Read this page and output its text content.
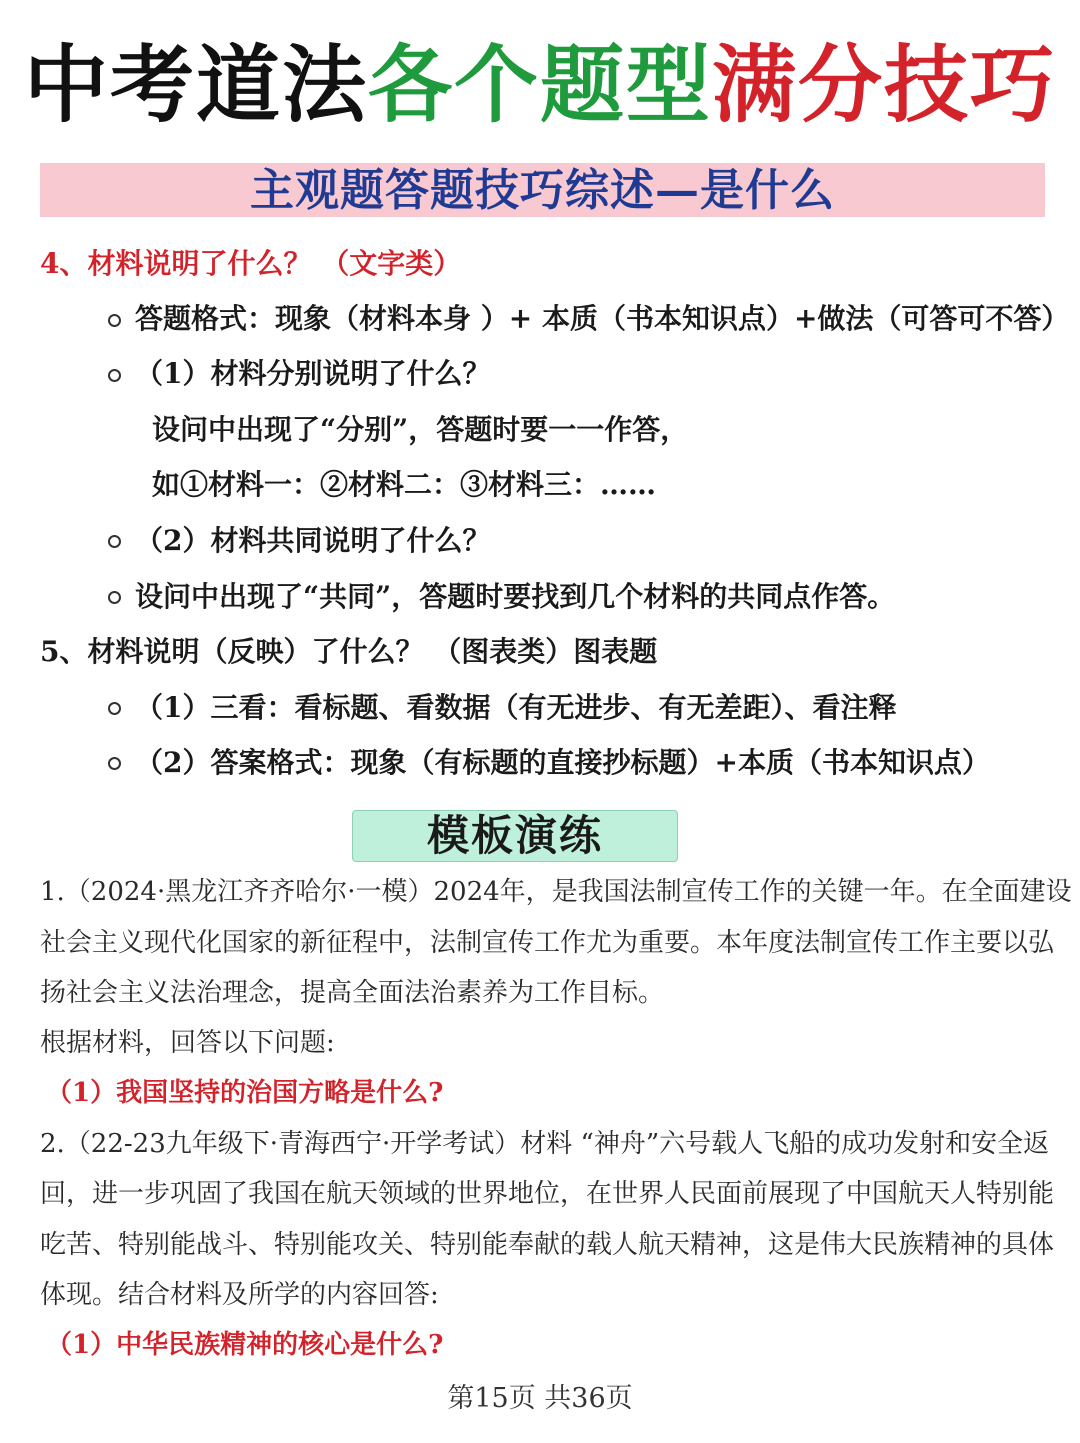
中考道法各个题型满分技巧
主观题答题技巧综述—是什么
4、材料说明了什么？ （文字类）
答题格式：现象（材料本身 ）+ 本质（书本知识点）+做法（可答可不答）
（1）材料分别说明了什么？
设问中出现了“分别”，答题时要一一作答，
如①材料一：②材料二：③材料三：……
（2）材料共同说明了什么？
设问中出现了“共同”，答题时要找到几个材料的共同点作答。
5、材料说明（反映）了什么？ （图表类）图表题
（1）三看：看标题、看数据（有无进步、有无差距）、看注释
（2）答案格式：现象（有标题的直接抄标题）+本质（书本知识点）
模板演练
1.（2024·黑龙江齐齐哈尔·一模）2024年，是我国法制宣传工作的关键一年。在全面建设
社会主义现代化国家的新征程中，法制宣传工作尤为重要。本年度法制宣传工作主要以弘
扬社会主义法治理念，提高全面法治素养为工作目标。
根据材料，回答以下问题:
（1）我国坚持的治国方略是什么?
2.（22-23九年级下·青海西宁·开学考试）材料 “神舟”六号载人飞船的成功发射和安全返
回，进一步巩固了我国在航天领域的世界地位，在世界人民面前展现了中国航天人特别能
吃苦、特别能战斗、特别能攻关、特别能奉献的载人航天精神，这是伟大民族精神的具体
体现。结合材料及所学的内容回答:
（1）中华民族精神的核心是什么?
第15页 共36页
